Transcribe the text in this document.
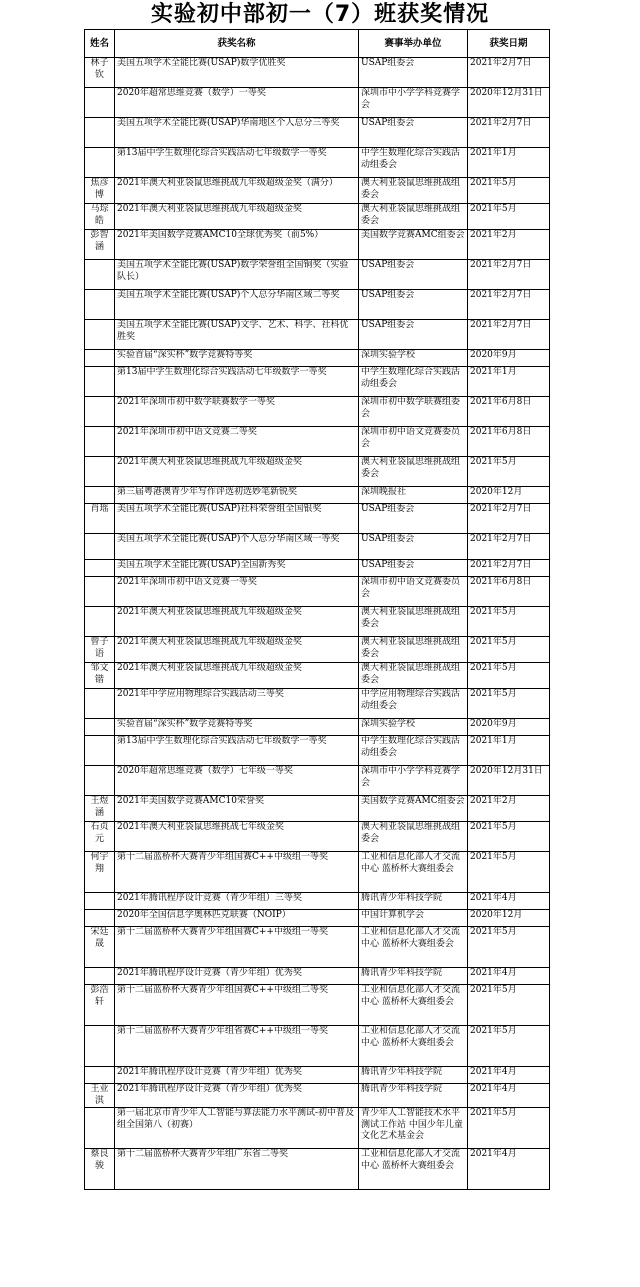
实验初中部初一（7）班获奖情况
姓名	获奖名称	赛事举办单位	获奖日期
林子钦	美国五项学术全能比赛(USAP)数学优胜奖	USAP组委会	2021年2月7日
	2020年超常思维竞赛（数学）一等奖	深圳市中小学学科竞赛学会	2020年12月31日
	美国五项学术全能比赛(USAP)华南地区个人总分三等奖	USAP组委会	2021年2月7日
	第13届中学生数理化综合实践活动七年级数学一等奖	中学生数理化综合实践活动组委会	2021年1月
焦彦博	2021年澳大利亚袋鼠思维挑战九年级超级金奖（满分）	澳大利亚袋鼠思维挑战组委会	2021年5月
马琮皓	2021年澳大利亚袋鼠思维挑战九年级超级金奖	澳大利亚袋鼠思维挑战组委会	2021年5月
彭智涵	2021年美国数学竞赛AMC10全球优秀奖（前5%）	美国数学竞赛AMC组委会	2021年2月
	美国五项学术全能比赛(USAP)数学荣誉组全国铜奖（实验队长）	USAP组委会	2021年2月7日
	美国五项学术全能比赛(USAP)个人总分华南区域二等奖	USAP组委会	2021年2月7日
	美国五项学术全能比赛(USAP)文学、艺术、科学、社科优胜奖	USAP组委会	2021年2月7日
	实验首届“深实杯”数学竞赛特等奖	深圳实验学校	2020年9月
	第13届中学生数理化综合实践活动七年级数学一等奖	中学生数理化综合实践活动组委会	2021年1月
	2021年深圳市初中数学联赛数学一等奖	深圳市初中数学联赛组委会	2021年6月8日
	2021年深圳市初中语文竞赛二等奖	深圳市初中语文竞赛委员会	2021年6月8日
	2021年澳大利亚袋鼠思维挑战九年级超级金奖	澳大利亚袋鼠思维挑战组委会	2021年5月
	第三届粤港澳青少年写作评选初选妙笔新锐奖	深圳晚报社	2020年12月
肖瑶	美国五项学术全能比赛(USAP)社科荣誉组全国银奖	USAP组委会	2021年2月7日
	美国五项学术全能比赛(USAP)个人总分华南区域一等奖	USAP组委会	2021年2月7日
	美国五项学术全能比赛(USAP)全国新秀奖	USAP组委会	2021年2月7日
	2021年深圳市初中语文竞赛一等奖	深圳市初中语文竞赛委员会	2021年6月8日
	2021年澳大利亚袋鼠思维挑战九年级超级金奖	澳大利亚袋鼠思维挑战组委会	2021年5月
曾子语	2021年澳大利亚袋鼠思维挑战九年级超级金奖	澳大利亚袋鼠思维挑战组委会	2021年5月
邹文锴	2021年澳大利亚袋鼠思维挑战九年级超级金奖	澳大利亚袋鼠思维挑战组委会	2021年5月
	2021年中学应用物理综合实践活动三等奖	中学应用物理综合实践活动组委会	2021年5月
	实验首届“深实杯”数学竞赛特等奖	深圳实验学校	2020年9月
	第13届中学生数理化综合实践活动七年级数学一等奖	中学生数理化综合实践活动组委会	2021年1月
	2020年超常思维竞赛（数学）七年级一等奖	深圳市中小学学科竞赛学会	2020年12月31日
王煜涵	2021年美国数学竞赛AMC10荣誉奖	美国数学竞赛AMC组委会	2021年2月
石贞元	2021年澳大利亚袋鼠思维挑战七年级金奖	澳大利亚袋鼠思维挑战组委会	2021年5月
何宇翔	第十二届蓝桥杯大赛青少年组国赛C++中级组一等奖	工业和信息化部人才交流中心 蓝桥杯大赛组委会	2021年5月
	2021年腾讯程序设计竞赛（青少年组）三等奖	腾讯青少年科技学院	2021年4月
	2020年全国信息学奥林匹克联赛（NOIP）	中国计算机学会	2020年12月
宋廷晟	第十二届蓝桥杯大赛青少年组国赛C++中级组一等奖	工业和信息化部人才交流中心 蓝桥杯大赛组委会	2021年5月
	2021年腾讯程序设计竞赛（青少年组）优秀奖	腾讯青少年科技学院	2021年4月
彭浩轩	第十二届蓝桥杯大赛青少年组国赛C++中级组二等奖	工业和信息化部人才交流中心 蓝桥杯大赛组委会	2021年5月
	第十二届蓝桥杯大赛青少年组省赛C++中级组一等奖	工业和信息化部人才交流中心 蓝桥杯大赛组委会	2021年5月
	2021年腾讯程序设计竞赛（青少年组）优秀奖	腾讯青少年科技学院	2021年4月
王业淇	2021年腾讯程序设计竞赛（青少年组）优秀奖	腾讯青少年科技学院	2021年4月
	第一届北京市青少年人工智能与算法能力水平测试-初中普及组全国第八（初赛）	青少年人工智能技术水平测试工作站 中国少年儿童文化艺术基金会	2021年5月
蔡良骏	第十二届蓝桥杯大赛青少年组广东省二等奖	工业和信息化部人才交流中心 蓝桥杯大赛组委会	2021年4月
